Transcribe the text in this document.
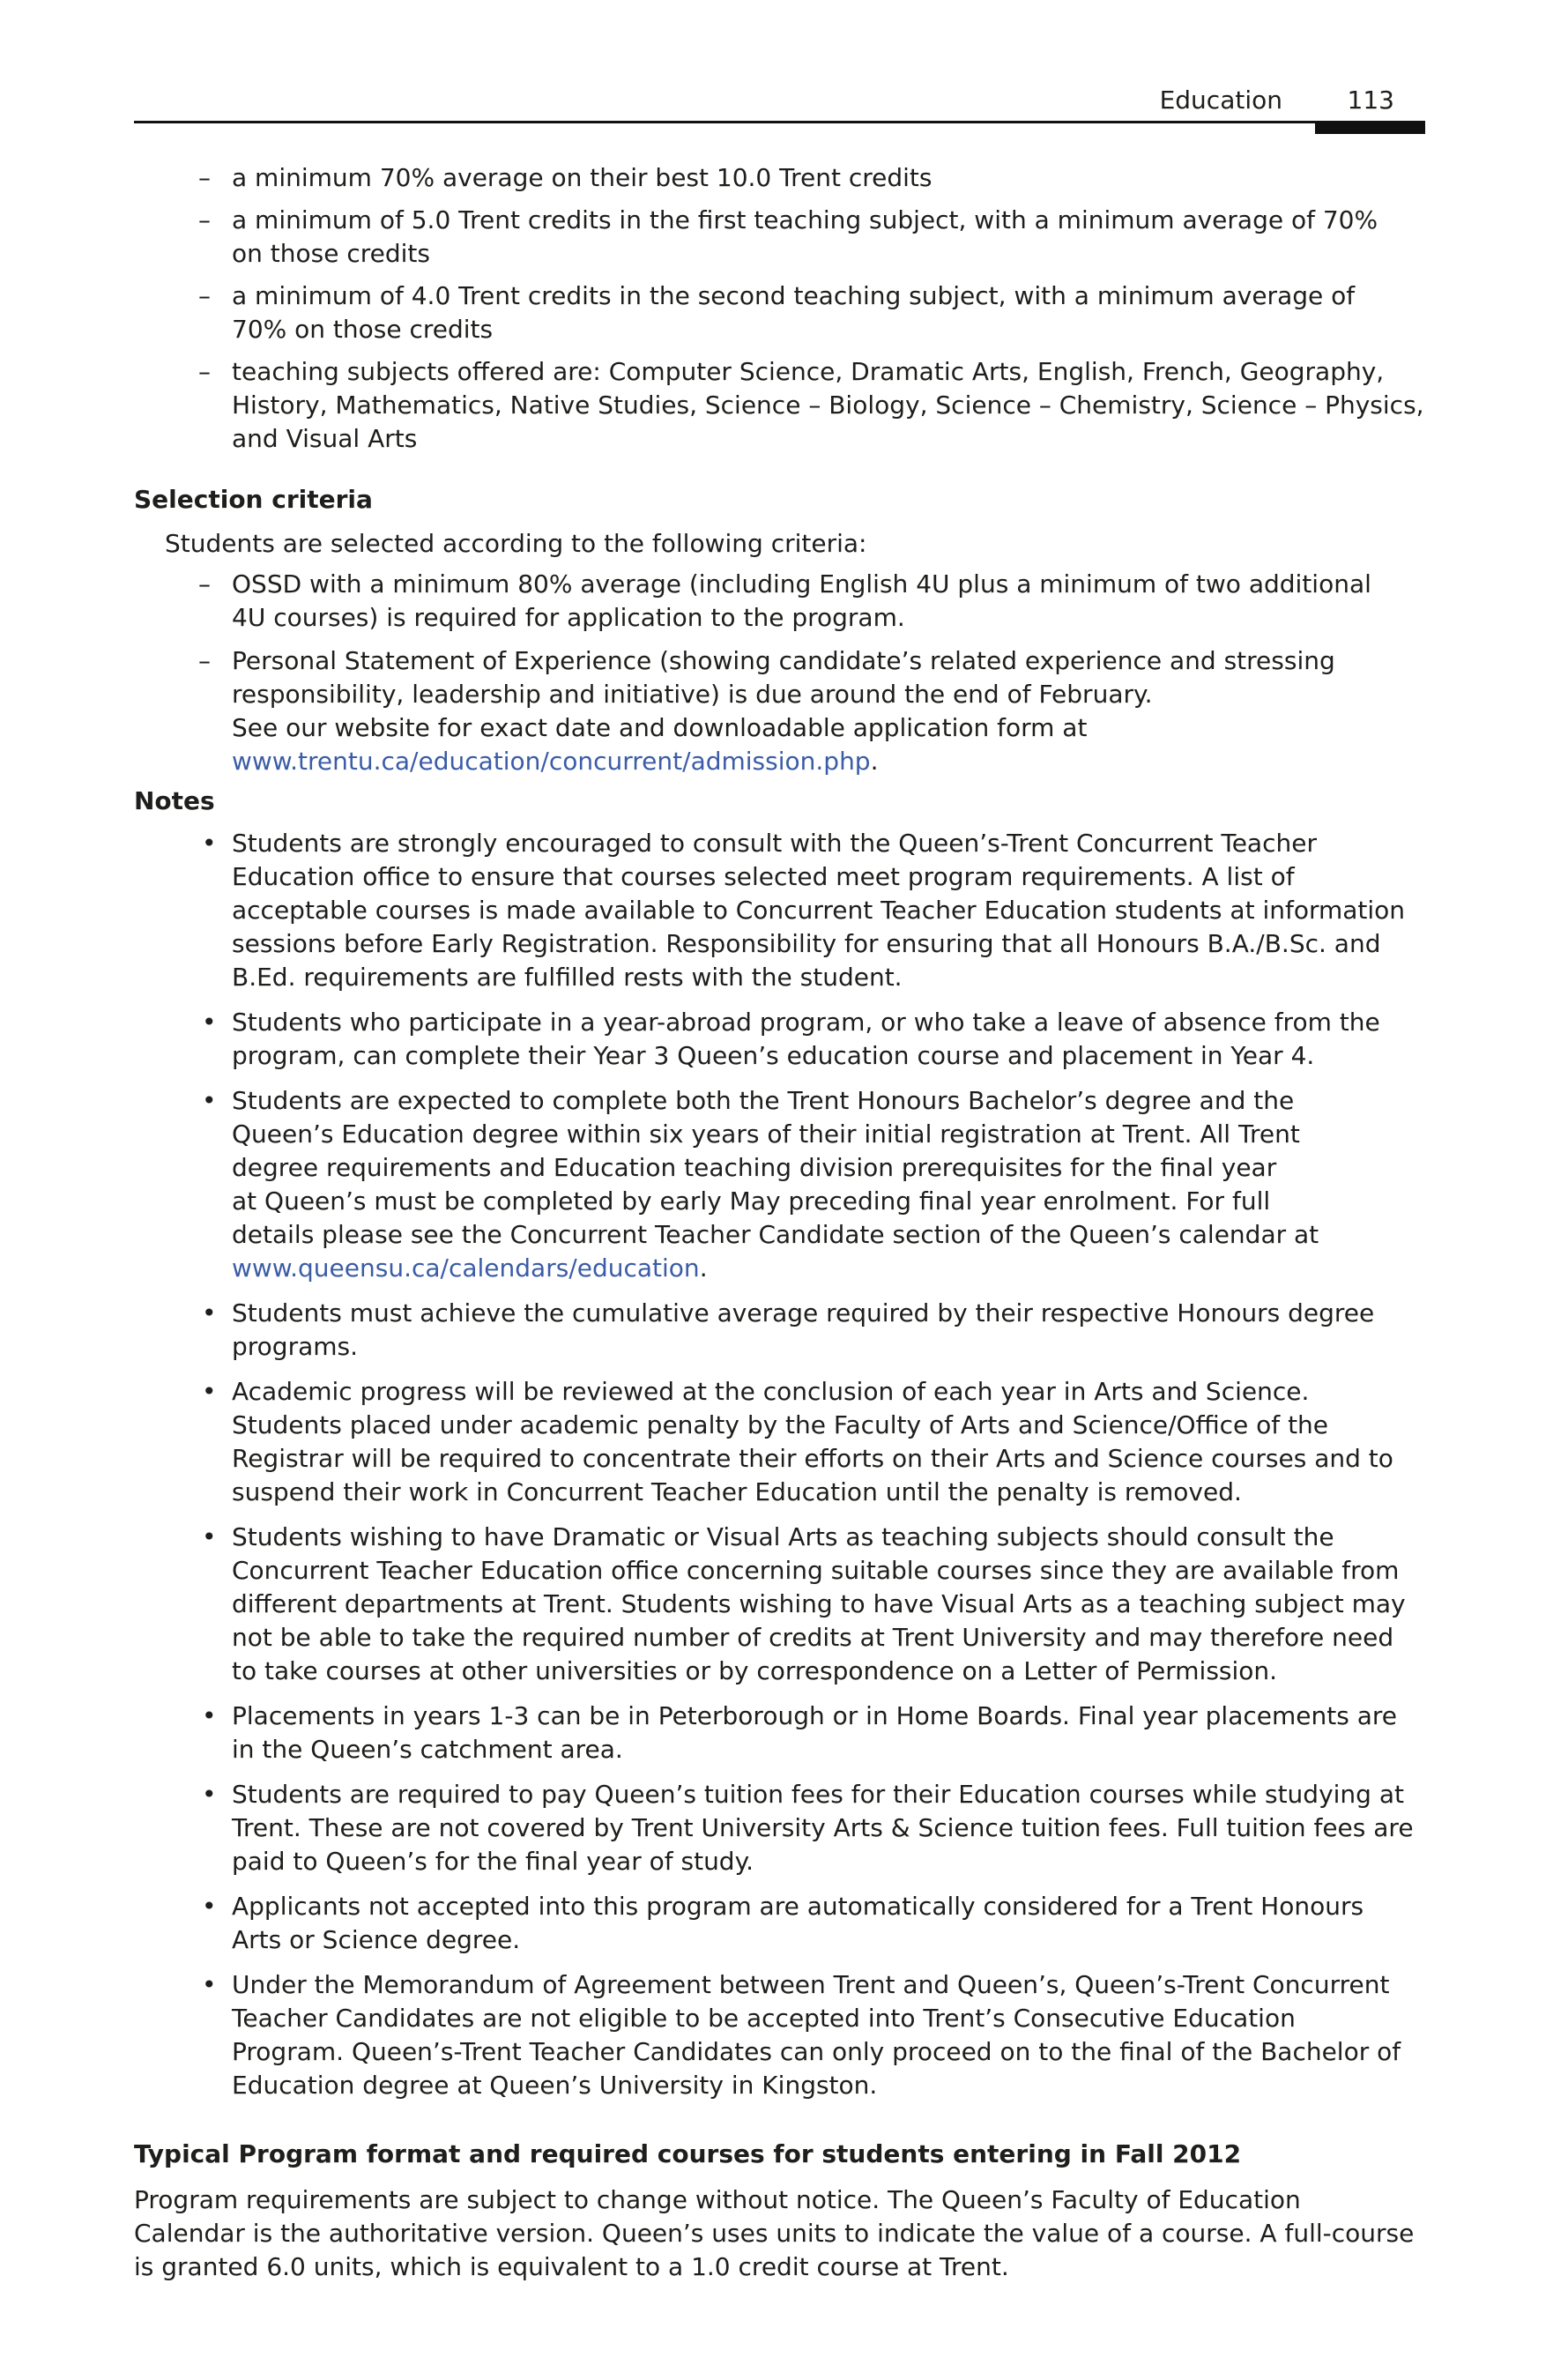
Education	113
– a minimum 70% average on their best 10.0 Trent credits
– a minimum of 5.0 Trent credits in the first teaching subject, with a minimum average of 70%
on those credits
– a minimum of 4.0 Trent credits in the second teaching subject, with a minimum average of
70% on those credits
– teaching subjects offered are: Computer Science, Dramatic Arts, English, French, Geography,
History, Mathematics, Native Studies, Science – Biology, Science – Chemistry, Science – Physics,
and Visual Arts
Selection criteria
Students are selected according to the following criteria:
– OSSD with a minimum 80% average (including English 4U plus a minimum of two additional
4U courses) is required for application to the program.
– Personal Statement of Experience (showing candidate’s related experience and stressing
responsibility, leadership and initiative) is due around the end of February.
See our website for exact date and downloadable application form at
www.trentu.ca/education/concurrent/admission.php.
Notes
• Students are strongly encouraged to consult with the Queen’s-Trent Concurrent Teacher
Education office to ensure that courses selected meet program requirements. A list of
acceptable courses is made available to Concurrent Teacher Education students at information
sessions before Early Registration. Responsibility for ensuring that all Honours B.A./B.Sc. and
B.Ed. requirements are fulfilled rests with the student.
• Students who participate in a year-abroad program, or who take a leave of absence from the
program, can complete their Year 3 Queen’s education course and placement in Year 4.
• Students are expected to complete both the Trent Honours Bachelor’s degree and the
Queen’s Education degree within six years of their initial registration at Trent. All Trent
degree requirements and Education teaching division prerequisites for the final year
at Queen’s must be completed by early May preceding final year enrolment. For full
details please see the Concurrent Teacher Candidate section of the Queen’s calendar at
www.queensu.ca/calendars/education.
• Students must achieve the cumulative average required by their respective Honours degree
programs.
• Academic progress will be reviewed at the conclusion of each year in Arts and Science.
Students placed under academic penalty by the Faculty of Arts and Science/Office of the
Registrar will be required to concentrate their efforts on their Arts and Science courses and to
suspend their work in Concurrent Teacher Education until the penalty is removed.
• Students wishing to have Dramatic or Visual Arts as teaching subjects should consult the
Concurrent Teacher Education office concerning suitable courses since they are available from
different departments at Trent. Students wishing to have Visual Arts as a teaching subject may
not be able to take the required number of credits at Trent University and may therefore need
to take courses at other universities or by correspondence on a Letter of Permission.
• Placements in years 1-3 can be in Peterborough or in Home Boards. Final year placements are
in the Queen’s catchment area.
• Students are required to pay Queen’s tuition fees for their Education courses while studying at
Trent. These are not covered by Trent University Arts & Science tuition fees. Full tuition fees are
paid to Queen’s for the final year of study.
• Applicants not accepted into this program are automatically considered for a Trent Honours
Arts or Science degree.
• Under the Memorandum of Agreement between Trent and Queen’s, Queen’s-Trent Concurrent
Teacher Candidates are not eligible to be accepted into Trent’s Consecutive Education
Program. Queen’s-Trent Teacher Candidates can only proceed on to the final of the Bachelor of
Education degree at Queen’s University in Kingston.
Typical Program format and required courses for students entering in Fall 2012
Program requirements are subject to change without notice. The Queen’s Faculty of Education
Calendar is the authoritative version. Queen’s uses units to indicate the value of a course. A full-course
is granted 6.0 units, which is equivalent to a 1.0 credit course at Trent.
